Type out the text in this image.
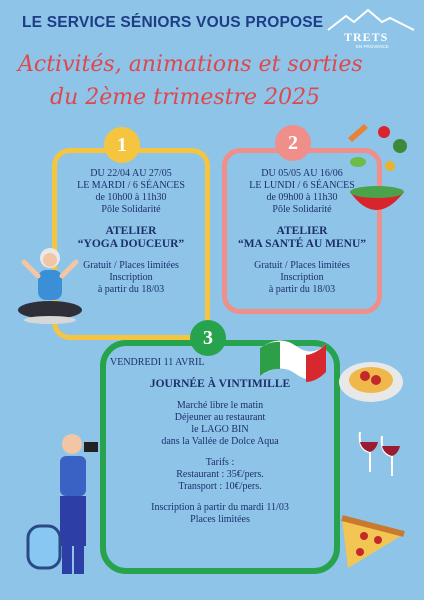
LE SERVICE SÉNIORS VOUS PROPOSE
TRETS
EN PROVENCE
Activités, animations et sorties
du 2ème trimestre 2025
1
DU 22/04 AU 27/05
LE MARDI / 6 SÉANCES
de 10h00 à 11h30
Pôle Solidarité
ATELIER
“YOGA DOUCEUR”
Gratuit / Places limitées
Inscription
à partir du 18/03
2
DU 05/05 AU 16/06
LE LUNDI / 6 SÉANCES
de 09h00 à 11h30
Pôle Solidarité
ATELIER
“MA SANTÉ AU MENU”
Gratuit / Places limitées
Inscription
à partir du 18/03
3
VENDREDI 11 AVRIL
JOURNÉE À VINTIMILLE
Marché libre le matin
Déjeuner au restaurant
le LAGO BIN
dans la Vallée de Dolce Aqua
Tarifs :
Restaurant : 35€/pers.
Transport : 10€/pers.
Inscription à partir du mardi 11/03
Places limitées
